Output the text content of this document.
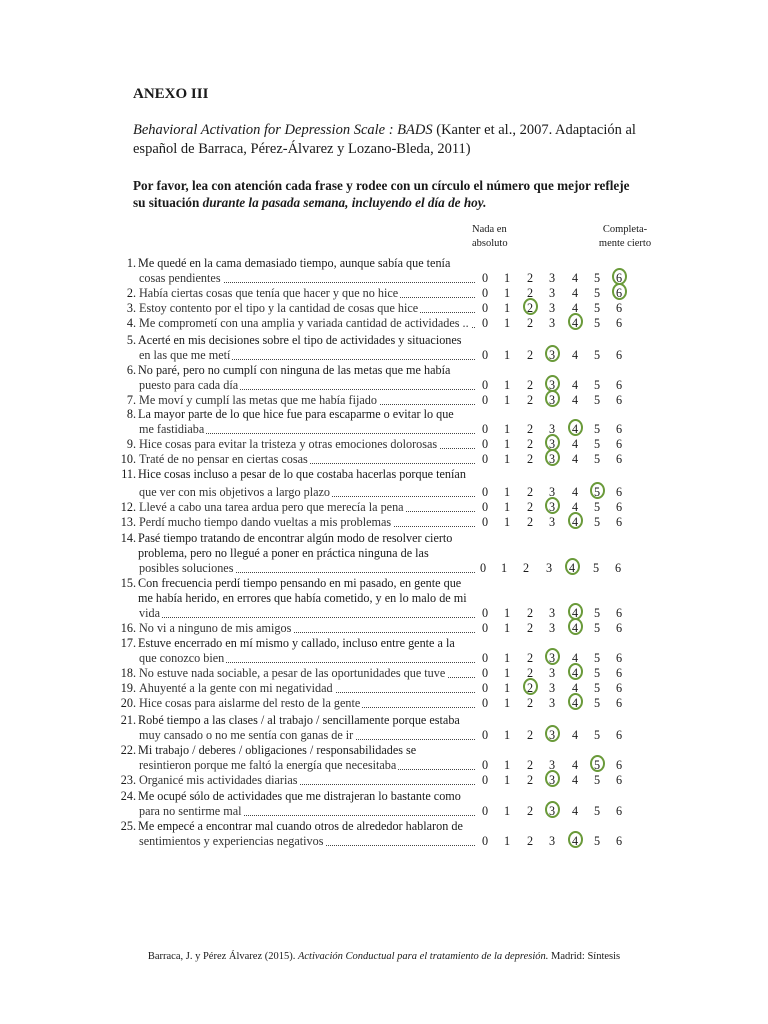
ANEXO III

Behavioral Activation for Depression Scale : BADS (Kanter et al., 2007. Adaptación al
español de Barraca, Pérez-Álvarez y Lozano-Bleda, 2011)

Por favor, lea con atención cada frase y rodee con un círculo el número que mejor refleje
su situación durante la pasada semana, incluyendo el día de hoy.

Nada en
absoluto
Completa-
mente cierto
1. Me quedé en la cama demasiado tiempo, aunque sabía que tenía
cosas pendientes	0	1	2	3	4	5	6
2. Había ciertas cosas que tenía que hacer y que no hice	0	1	2	3	4	5	6
3. Estoy contento por el tipo y la cantidad de cosas que hice	0	1	2	3	4	5	6
4. Me comprometí con una amplia y variada cantidad de actividades ..	0	1	2	3	4	5	6
5. Acerté en mis decisiones sobre el tipo de actividades y situaciones
en las que me metí	0	1	2	3	4	5	6
6. No paré, pero no cumplí con ninguna de las metas que me había
puesto para cada día	0	1	2	3	4	5	6
7. Me moví y cumplí las metas que me había fijado	0	1	2	3	4	5	6
8. La mayor parte de lo que hice fue para escaparme o evitar lo que
me fastidiaba	0	1	2	3	4	5	6
9. Hice cosas para evitar la tristeza y otras emociones dolorosas	0	1	2	3	4	5	6
10. Traté de no pensar en ciertas cosas	0	1	2	3	4	5	6
11. Hice cosas incluso a pesar de lo que costaba hacerlas porque tenían
que ver con mis objetivos a largo plazo	0	1	2	3	4	5	6
12. Llevé a cabo una tarea ardua pero que merecía la pena	0	1	2	3	4	5	6
13. Perdí mucho tiempo dando vueltas a mis problemas	0	1	2	3	4	5	6
14. Pasé tiempo tratando de encontrar algún modo de resolver cierto
problema, pero no llegué a poner en práctica ninguna de las
posibles soluciones	0	1	2	3	4	5	6
15. Con frecuencia perdí tiempo pensando en mi pasado, en gente que
me había herido, en errores que había cometido, y en lo malo de mi
vida	0	1	2	3	4	5	6
16. No vi a ninguno de mis amigos	0	1	2	3	4	5	6
17. Estuve encerrado en mí mismo y callado, incluso entre gente a la
que conozco bien	0	1	2	3	4	5	6
18. No estuve nada sociable, a pesar de las oportunidades que tuve	0	1	2	3	4	5	6
19. Ahuyenté a la gente con mi negatividad	0	1	2	3	4	5	6
20. Hice cosas para aislarme del resto de la gente	0	1	2	3	4	5	6
21. Robé tiempo a las clases / al trabajo / sencillamente porque estaba
muy cansado o no me sentía con ganas de ir	0	1	2	3	4	5	6
22. Mi trabajo / deberes / obligaciones / responsabilidades se
resintieron porque me faltó la energía que necesitaba	0	1	2	3	4	5	6
23. Organicé mis actividades diarias	0	1	2	3	4	5	6
24. Me ocupé sólo de actividades que me distrajeran lo bastante como
para no sentirme mal	0	1	2	3	4	5	6
25. Me empecé a encontrar mal cuando otros de alrededor hablaron de
sentimientos y experiencias negativos	0	1	2	3	4	5	6

Barraca, J. y Pérez Álvarez (2015). Activación Conductual para el tratamiento de la depresión. Madrid: Síntesis
